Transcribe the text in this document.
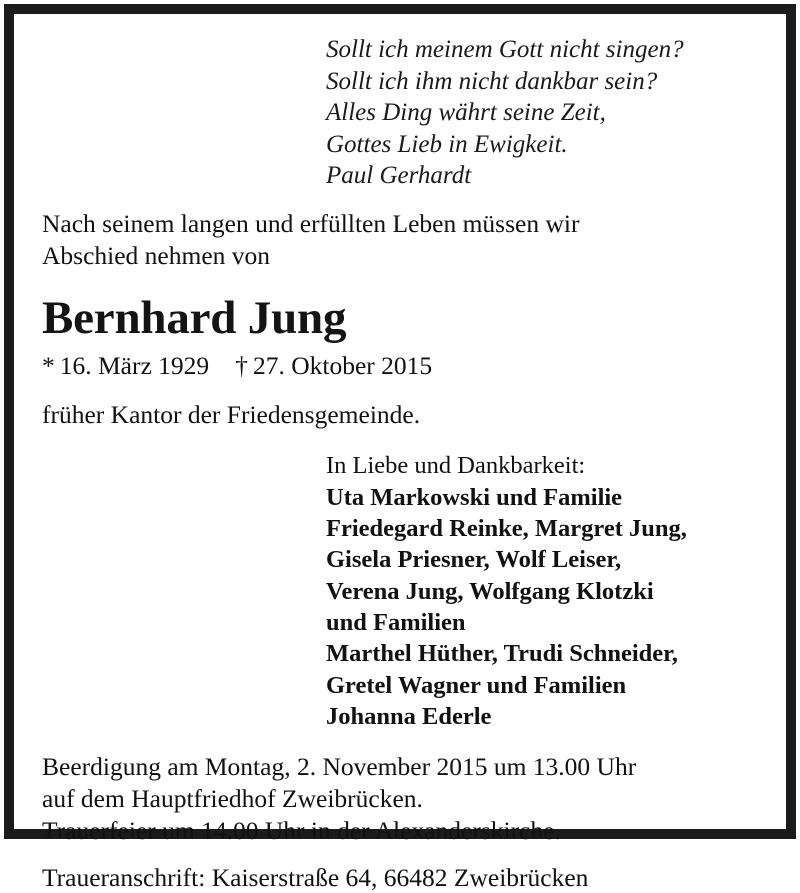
Sollt ich meinem Gott nicht singen?
Sollt ich ihm nicht dankbar sein?
Alles Ding währt seine Zeit,
Gottes Lieb in Ewigkeit.
Paul Gerhardt
Nach seinem langen und erfüllten Leben müssen wir
Abschied nehmen von
Bernhard Jung
* 16. März 1929 † 27. Oktober 2015
früher Kantor der Friedensgemeinde.
In Liebe und Dankbarkeit:
Uta Markowski und Familie
Friedegard Reinke, Margret Jung,
Gisela Priesner, Wolf Leiser,
Verena Jung, Wolfgang Klotzki
und Familien
Marthel Hüther, Trudi Schneider,
Gretel Wagner und Familien
Johanna Ederle
Beerdigung am Montag, 2. November 2015 um 13.00 Uhr
auf dem Hauptfriedhof Zweibrücken.
Trauerfeier um 14.00 Uhr in der Alexanderskirche.
Traueranschrift: Kaiserstraße 64, 66482 Zweibrücken
